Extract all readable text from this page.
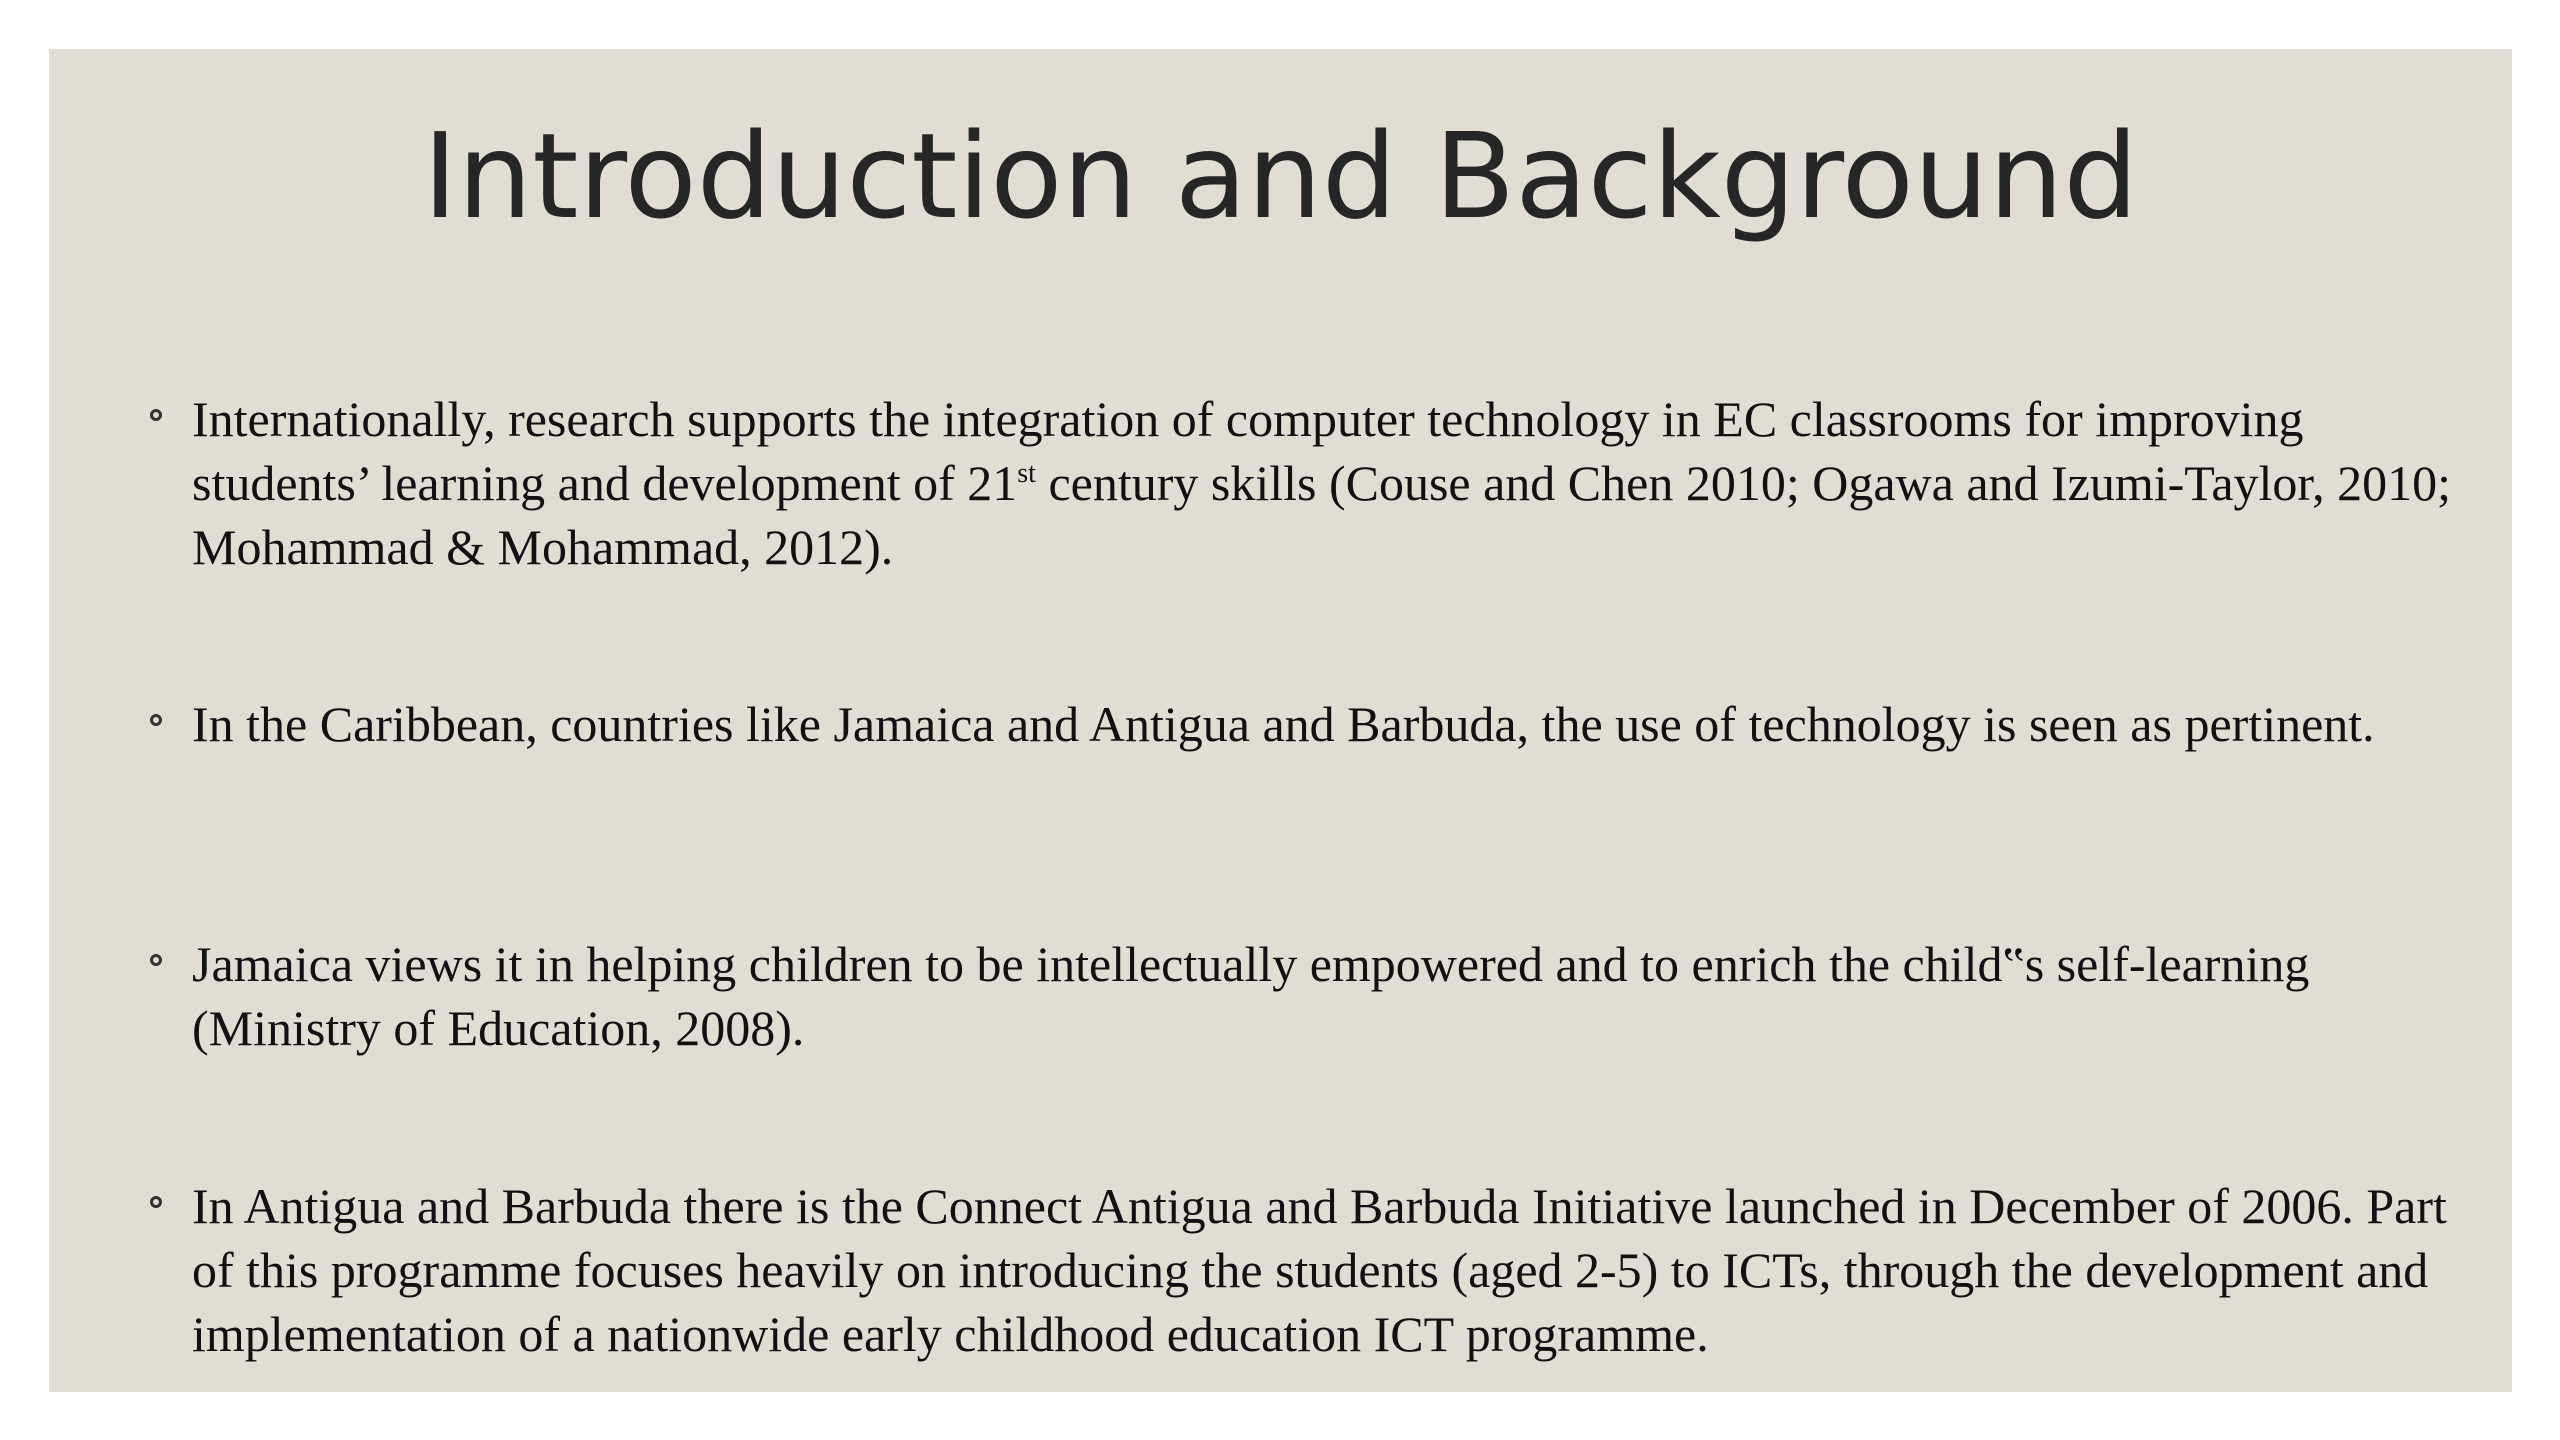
Introduction and Background
Internationally, research supports the integration of computer technology in EC classrooms for improving students’ learning and development of 21st century skills (Couse and Chen 2010; Ogawa and Izumi-Taylor, 2010; Mohammad & Mohammad, 2012).
In the Caribbean, countries like Jamaica and Antigua and Barbuda, the use of technology is seen as pertinent.
Jamaica views it in helping children to be intellectually empowered and to enrich the child‟s self-learning (Ministry of Education, 2008).
In Antigua and Barbuda there is the Connect Antigua and Barbuda Initiative launched in December of 2006. Part of this programme focuses heavily on introducing the students (aged 2-5) to ICTs, through the development and implementation of a nationwide early childhood education ICT programme.
